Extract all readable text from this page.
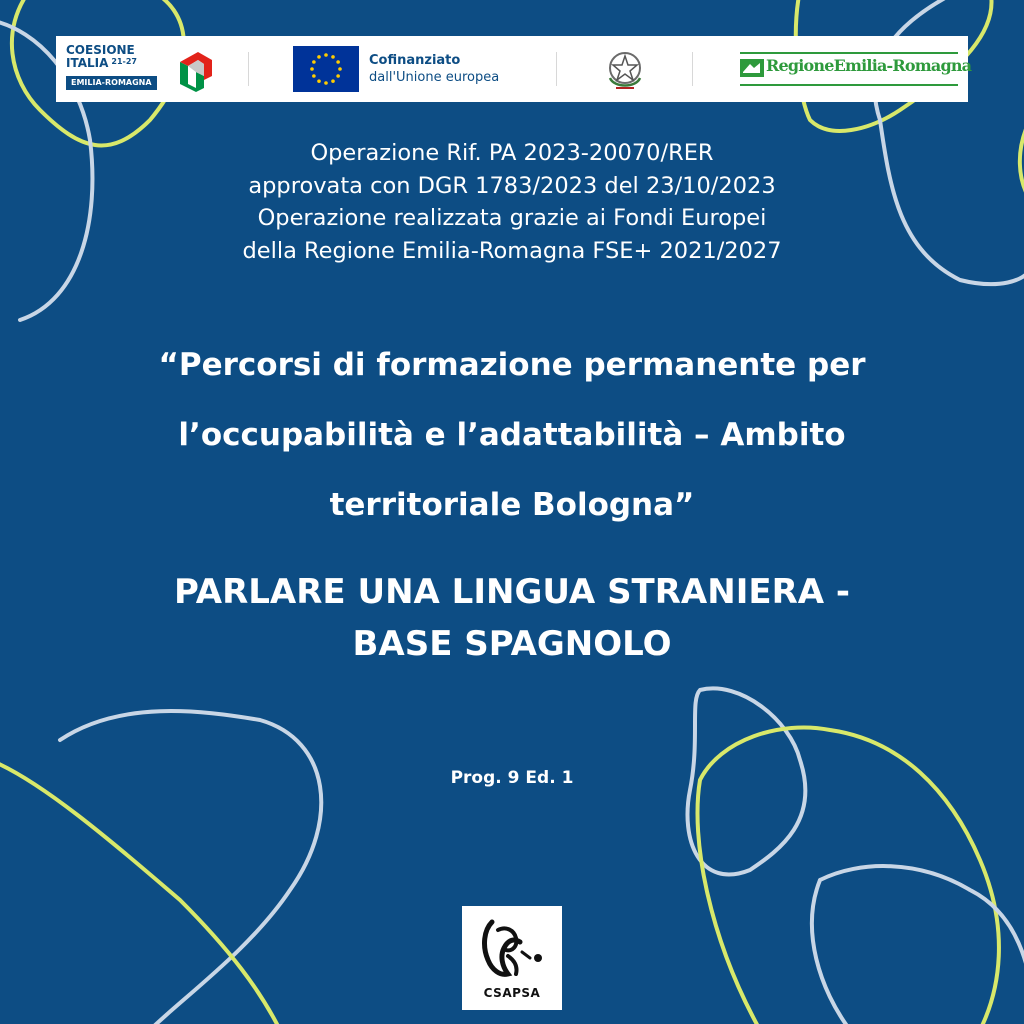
COESIONE
ITALIA $^{21-27}$
EMILIA-ROMAGNA
Cofinanziato
dall'Unione europea
RegioneEmilia-Romagna
Operazione Rif. PA 2023-20070/RER
approvata con DGR 1783/2023 del 23/10/2023
Operazione realizzata grazie ai Fondi Europei
della Regione Emilia-Romagna FSE+ 2021/2027
“Percorsi di formazione permanente per
l’occupabilità e l’adattabilità – Ambito
territoriale Bologna”
PARLARE UNA LINGUA STRANIERA -
BASE SPAGNOLO
Prog. 9 Ed. 1
CSAPSA
